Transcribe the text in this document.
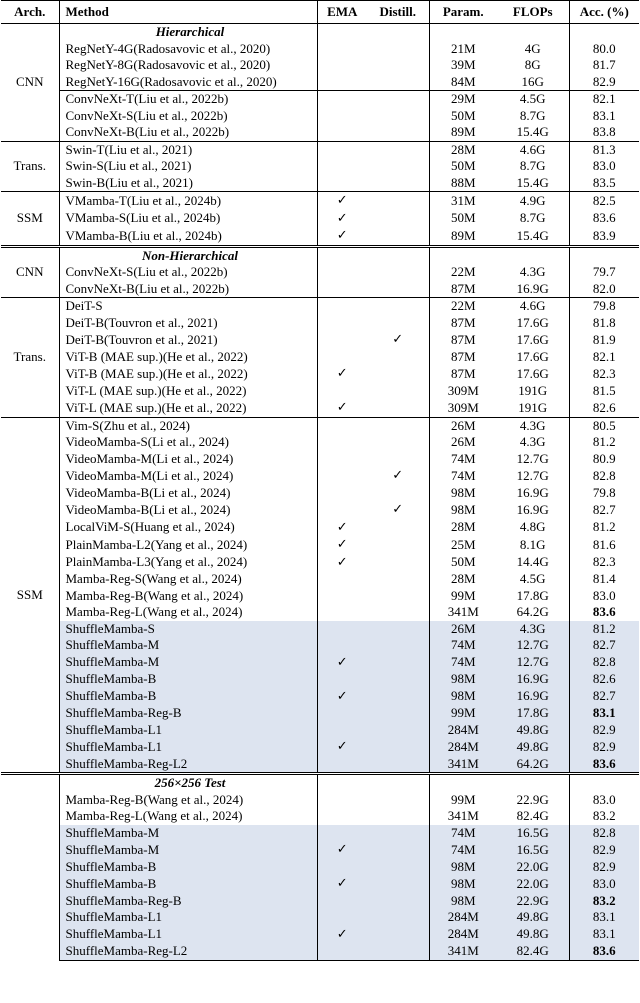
Arch.	Method	EMA	Distill.	Param.	FLOPs	Acc. (%)
CNN	Hierarchical					
	RegNetY-4G(Radosavovic et al., 2020)			21M	4G	80.0
	RegNetY-8G(Radosavovic et al., 2020)			39M	8G	81.7
	RegNetY-16G(Radosavovic et al., 2020)			84M	16G	82.9
	ConvNeXt-T(Liu et al., 2022b)			29M	4.5G	82.1
	ConvNeXt-S(Liu et al., 2022b)			50M	8.7G	83.1
	ConvNeXt-B(Liu et al., 2022b)			89M	15.4G	83.8
Trans.	Swin-T(Liu et al., 2021)			28M	4.6G	81.3
	Swin-S(Liu et al., 2021)			50M	8.7G	83.0
	Swin-B(Liu et al., 2021)			88M	15.4G	83.5
SSM	VMamba-T(Liu et al., 2024b)	✓		31M	4.9G	82.5
	VMamba-S(Liu et al., 2024b)	✓		50M	8.7G	83.6
	VMamba-B(Liu et al., 2024b)	✓		89M	15.4G	83.9
CNN	Non-Hierarchical					
	ConvNeXt-S(Liu et al., 2022b)			22M	4.3G	79.7
	ConvNeXt-B(Liu et al., 2022b)			87M	16.9G	82.0
Trans.	DeiT-S			22M	4.6G	79.8
	DeiT-B(Touvron et al., 2021)			87M	17.6G	81.8
	DeiT-B(Touvron et al., 2021)		✓	87M	17.6G	81.9
	ViT-B (MAE sup.)(He et al., 2022)			87M	17.6G	82.1
	ViT-B (MAE sup.)(He et al., 2022)	✓		87M	17.6G	82.3
	ViT-L (MAE sup.)(He et al., 2022)			309M	191G	81.5
	ViT-L (MAE sup.)(He et al., 2022)	✓		309M	191G	82.6
SSM	Vim-S(Zhu et al., 2024)			26M	4.3G	80.5
	VideoMamba-S(Li et al., 2024)			26M	4.3G	81.2
	VideoMamba-M(Li et al., 2024)			74M	12.7G	80.9
	VideoMamba-M(Li et al., 2024)		✓	74M	12.7G	82.8
	VideoMamba-B(Li et al., 2024)			98M	16.9G	79.8
	VideoMamba-B(Li et al., 2024)		✓	98M	16.9G	82.7
	LocalViM-S(Huang et al., 2024)	✓		28M	4.8G	81.2
	PlainMamba-L2(Yang et al., 2024)	✓		25M	8.1G	81.6
	PlainMamba-L3(Yang et al., 2024)	✓		50M	14.4G	82.3
	Mamba-Reg-S(Wang et al., 2024)			28M	4.5G	81.4
	Mamba-Reg-B(Wang et al., 2024)			99M	17.8G	83.0
	Mamba-Reg-L(Wang et al., 2024)			341M	64.2G	83.6
	ShuffleMamba-S			26M	4.3G	81.2
	ShuffleMamba-M			74M	12.7G	82.7
	ShuffleMamba-M	✓		74M	12.7G	82.8
	ShuffleMamba-B			98M	16.9G	82.6
	ShuffleMamba-B	✓		98M	16.9G	82.7
	ShuffleMamba-Reg-B			99M	17.8G	83.1
	ShuffleMamba-L1			284M	49.8G	82.9
	ShuffleMamba-L1	✓		284M	49.8G	82.9
	ShuffleMamba-Reg-L2			341M	64.2G	83.6
	256×256 Test					
	Mamba-Reg-B(Wang et al., 2024)			99M	22.9G	83.0
	Mamba-Reg-L(Wang et al., 2024)			341M	82.4G	83.2
	ShuffleMamba-M			74M	16.5G	82.8
	ShuffleMamba-M	✓		74M	16.5G	82.9
	ShuffleMamba-B			98M	22.0G	82.9
	ShuffleMamba-B	✓		98M	22.0G	83.0
	ShuffleMamba-Reg-B			98M	22.9G	83.2
	ShuffleMamba-L1			284M	49.8G	83.1
	ShuffleMamba-L1	✓		284M	49.8G	83.1
	ShuffleMamba-Reg-L2			341M	82.4G	83.6
